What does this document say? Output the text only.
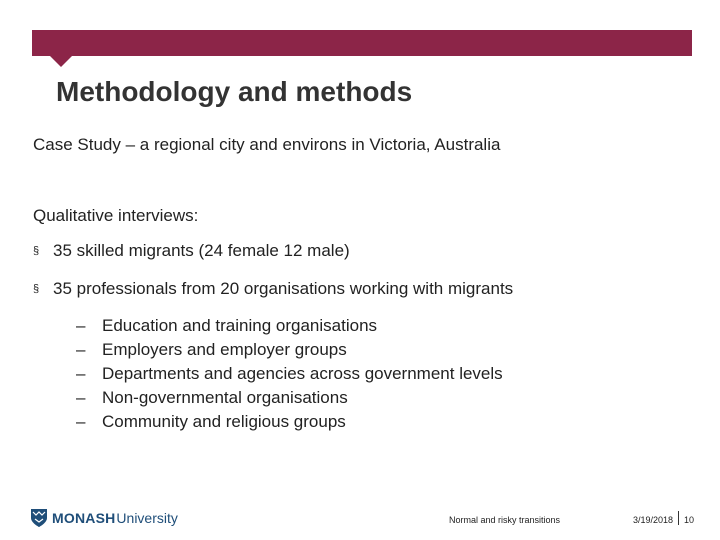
Methodology and methods
Case Study – a regional city and environs in Victoria, Australia
Qualitative interviews:
§ 35 skilled migrants (24 female 12 male)
§ 35 professionals from 20 organisations working with migrants
– Education and training organisations
– Employers and employer groups
– Departments and agencies across government levels
– Non-governmental organisations
– Community and religious groups
MONASH University	Normal and risky transitions	3/19/2018 10
